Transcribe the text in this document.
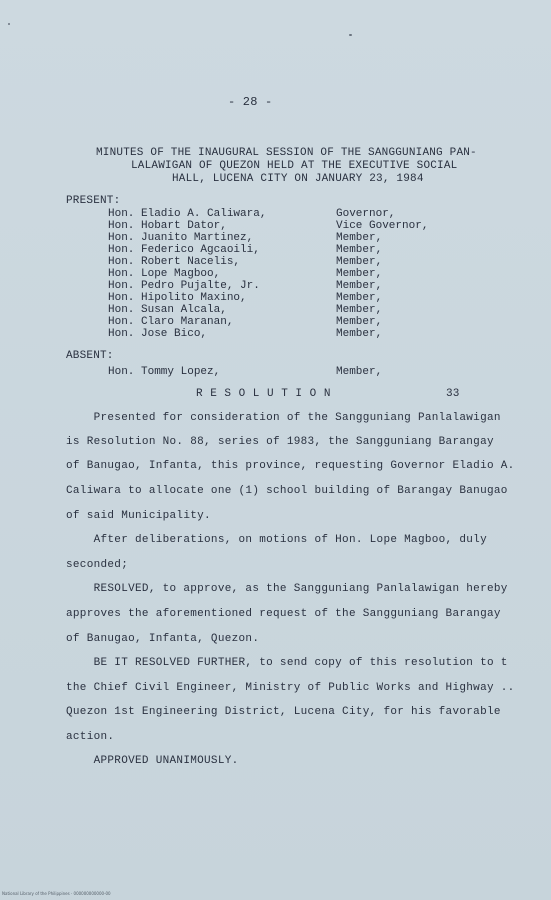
- 28 -
MINUTES OF THE INAUGURAL SESSION OF THE SANGGUNIANG PAN-
LALAWIGAN OF QUEZON HELD AT THE EXECUTIVE SOCIAL
HALL, LUCENA CITY ON JANUARY 23, 1984
PRESENT:
Hon. Eladio A. Caliwara,	Governor,
Hon. Hobart Dator,	Vice Governor,
Hon. Juanito Martinez,	Member,
Hon. Federico Agcaoili,	Member,
Hon. Robert Nacelis,	Member,
Hon. Lope Magboo,	Member,
Hon. Pedro Pujalte, Jr.	Member,
Hon. Hipolito Maxino,	Member,
Hon. Susan Alcala,	Member,
Hon. Claro Maranan,	Member,
Hon. Jose Bico,	Member,
ABSENT:
Hon. Tommy Lopez,	Member,
R E S O L U T I O N	33
Presented for consideration of the Sangguniang Panlalawigan
is Resolution No. 88, series of 1983, the Sangguniang Barangay
of Banugao, Infanta, this province, requesting Governor Eladio A.
Caliwara to allocate one (1) school building of Barangay Banugao
of said Municipality.
After deliberations, on motions of Hon. Lope Magboo, duly
seconded;
RESOLVED, to approve, as the Sangguniang Panlalawigan hereby
approves the aforementioned request of the Sangguniang Barangay
of Banugao, Infanta, Quezon.
BE IT RESOLVED FURTHER, to send copy of this resolution to t
the Chief Civil Engineer, Ministry of Public Works and Highway ..
Quezon 1st Engineering District, Lucena City, for his favorable
action.
APPROVED UNANIMOUSLY.
National Library of the Philippines · 000000000000-00
